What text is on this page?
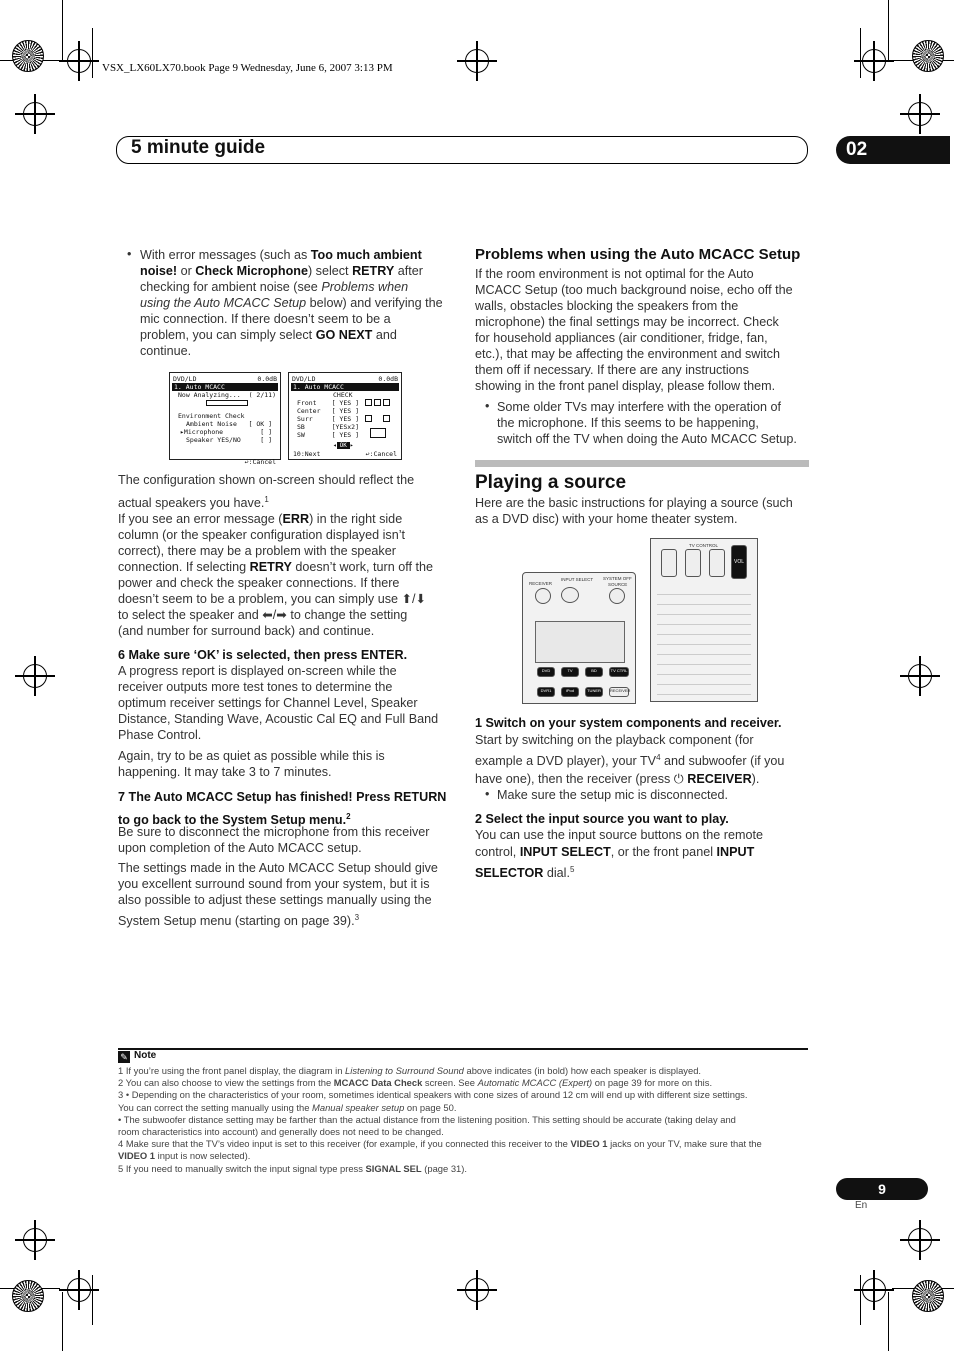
VSX_LX60LX70.book Page 9 Wednesday, June 6, 2007 3:13 PM
5 minute guide	02
• With error messages (such as Too much ambient
noise! or Check Microphone) select RETRY after
checking for ambient noise (see Problems when
using the Auto MCACC Setup below) and verifying the
mic connection. If there doesn’t seem to be a
problem, you can simply select GO NEXT and
continue.
DVD/LD	0.0dB
1. Auto MCACC
Now Analyzing... ( 2/11)
Environment Check
Ambient Noise [ OK ]
▸Microphone	[ ]
Speaker YES/NO	[ ]
↩:Cancel
DVD/LD	0.0dB
1. Auto MCACC
CHECK
Front [ YES ]
Center [ YES ]
Surr	[ YES ]
SB	[YESx2]
SW	[ YES ]
◂ OK ▸
10:Next	↩:Cancel
The configuration shown on-screen should reflect the
actual speakers you have.$^1$
If you see an error message (ERR) in the right side
column (or the speaker configuration displayed isn’t
correct), there may be a problem with the speaker
connection. If selecting RETRY doesn’t work, turn off the
power and check the speaker connections. If there
doesn’t seem to be a problem, you can simply use ⬆/⬇
to select the speaker and ⬅/➡ to change the setting
(and number for surround back) and continue.
6 Make sure ‘OK’ is selected, then press ENTER.
A progress report is displayed on-screen while the
receiver outputs more test tones to determine the
optimum receiver settings for Channel Level, Speaker
Distance, Standing Wave, Acoustic Cal EQ and Full Band
Phase Control.
Again, try to be as quiet as possible while this is
happening. It may take 3 to 7 minutes.
7 The Auto MCACC Setup has finished! Press RETURN
to go back to the System Setup menu.$^2$
Be sure to disconnect the microphone from this receiver
upon completion of the Auto MCACC setup.
The settings made in the Auto MCACC Setup should give
you excellent surround sound from your system, but it is
also possible to adjust these settings manually using the
System Setup menu (starting on page 39).$^3$
Problems when using the Auto MCACC Setup
If the room environment is not optimal for the Auto
MCACC Setup (too much background noise, echo off the
walls, obstacles blocking the speakers from the
microphone) the final settings may be incorrect. Check
for household appliances (air conditioner, fridge, fan,
etc.), that may be affecting the environment and switch
them off if necessary. If there are any instructions
showing in the front panel display, please follow them.
• Some older TVs may interfere with the operation of
the microphone. If this seems to be happening,
switch off the TV when doing the Auto MCACC Setup.
Playing a source
Here are the basic instructions for playing a source (such
as a DVD disc) with your home theater system.
RECEIVER
INPUT SELECT SYSTEM OFF
SOURCE
DVD	TV	BD	TV CTRL
DVR1	iPod	TUNER	RECEIVER
TV CONTROL
VOL
1 Switch on your system components and receiver.
Start by switching on the playback component (for
example a DVD player), your $TV^4$ and subwoofer (if you
have one), then the receiver (press ⏻ RECEIVER).
• Make sure the setup mic is disconnected.
2 Select the input source you want to play.
You can use the input source buttons on the remote
control, INPUT SELECT, or the front panel INPUT
SELECTOR dial.$^5$
✎ Note
1 If you’re using the front panel display, the diagram in Listening to Surround Sound above indicates (in bold) how each speaker is displayed.
2 You can also choose to view the settings from the MCACC Data Check screen. See Automatic MCACC (Expert) on page 39 for more on this.
3 • Depending on the characteristics of your room, sometimes identical speakers with cone sizes of around 12 cm will end up with different size settings.
You can correct the setting manually using the Manual speaker setup on page 50.
• The subwoofer distance setting may be farther than the actual distance from the listening position. This setting should be accurate (taking delay and
room characteristics into account) and generally does not need to be changed.
4 Make sure that the TV’s video input is set to this receiver (for example, if you connected this receiver to the VIDEO 1 jacks on your TV, make sure that the
VIDEO 1 input is now selected).
5 If you need to manually switch the input signal type press SIGNAL SEL (page 31).
9
En
